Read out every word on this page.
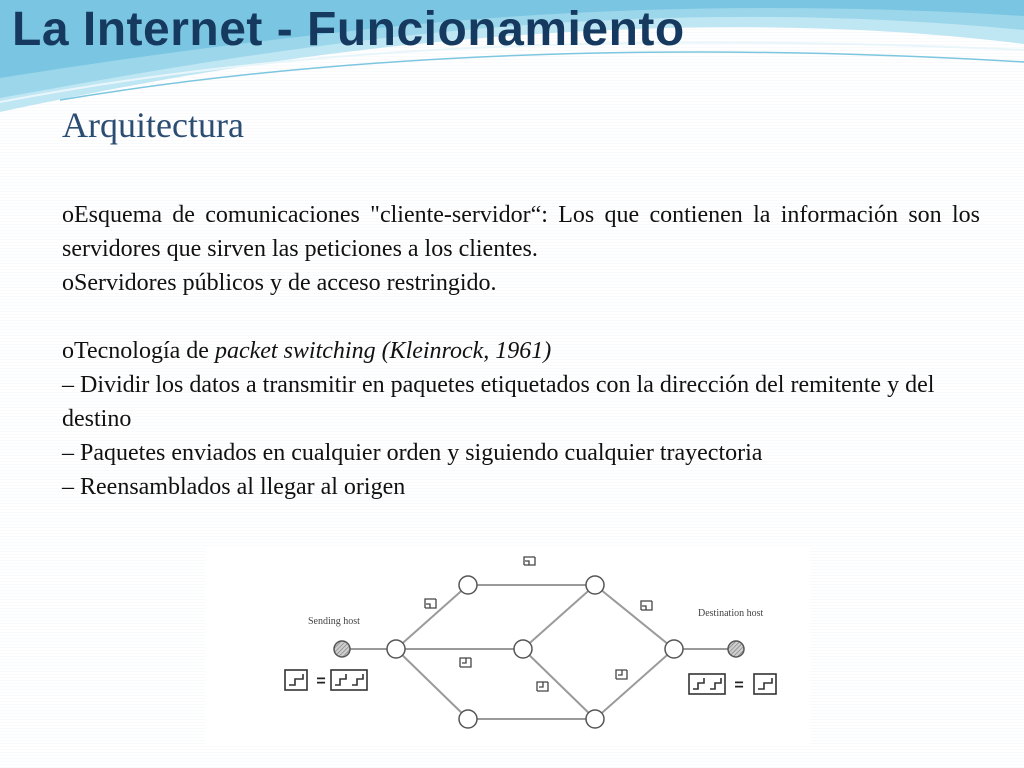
La Internet - Funcionamiento
Arquitectura

oEsquema de comunicaciones "cliente-servidor“: Los que contienen la información son los servidores que sirven las peticiones a los clientes.

oServidores públicos y de acceso restringido.

oTecnología de packet switching (Kleinrock, 1961)

– Dividir los datos a transmitir en paquetes etiquetados con la dirección del remitente y del destino

– Paquetes enviados en cualquier orden y siguiendo cualquier trayectoria

– Reensamblados al llegar al origen

=	=
Sending host
Destination host
